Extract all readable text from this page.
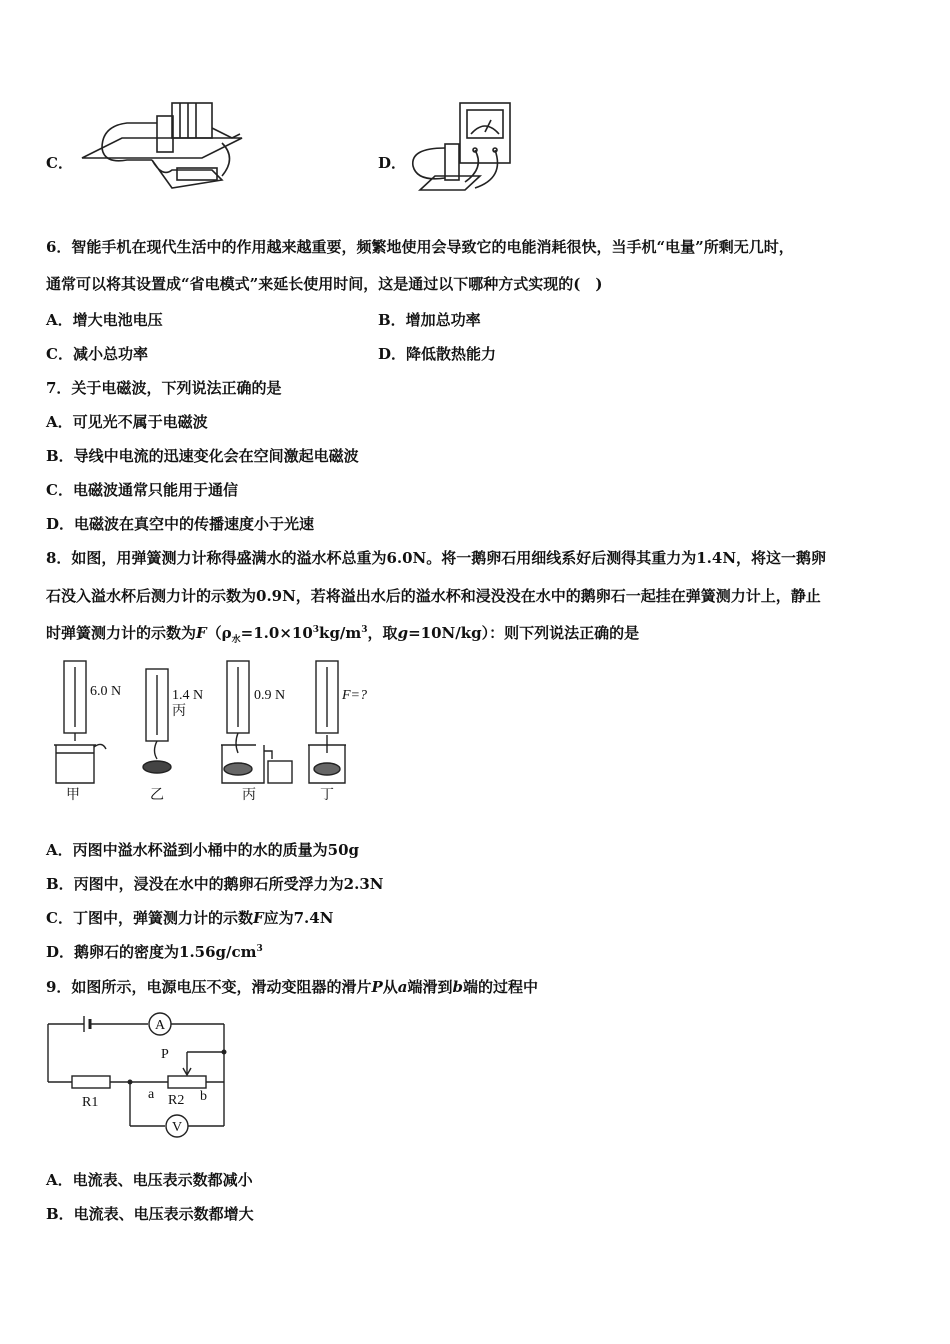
C．	D．
6．智能手机在现代生活中的作用越来越重要，频繁地使用会导致它的电能消耗很快，当手机“电量”所剩无几时，
通常可以将其设置成“省电模式”来延长使用时间，这是通过以下哪种方式实现的(　)
A．增大电池电压	B．增加总功率
C．减小总功率	D．降低散热能力
7．关于电磁波，下列说法正确的是
A．可见光不属于电磁波
B．导线中电流的迅速变化会在空间激起电磁波
C．电磁波通常只能用于通信
D．电磁波在真空中的传播速度小于光速
8．如图，用弹簧测力计称得盛满水的溢水杯总重为6.0N。将一鹅卵石用细线系好后测得其重力为1.4N，将这一鹅卵
石没入溢水杯后测力计的示数为0.9N，若将溢出水后的溢水杯和浸没没在水中的鹅卵石一起挂在弹簧测力计上，静止
时弹簧测力计的示数为$F(\rho_水=1.0\times 10^3kg/m^3$，取g=10N/kg）：则下列说法正确的是
6.0 N	1.4 N
丙
0.9 N	F=?
甲	乙	丙	丁
A．丙图中溢水杯溢到小桶中的水的质量为50g
B．丙图中，浸没在水中的鹅卵石所受浮力为2.3N
C．丁图中，弹簧测力计的示数F应为7.4N
D．鹅卵石的密度为$1.56g/cm^3$
9．如图所示，电源电压不变，滑动变阻器的滑片P从a端滑到b端的过程中
A
V
P
R1	R2
a	b
A．电流表、电压表示数都减小
B．电流表、电压表示数都增大
